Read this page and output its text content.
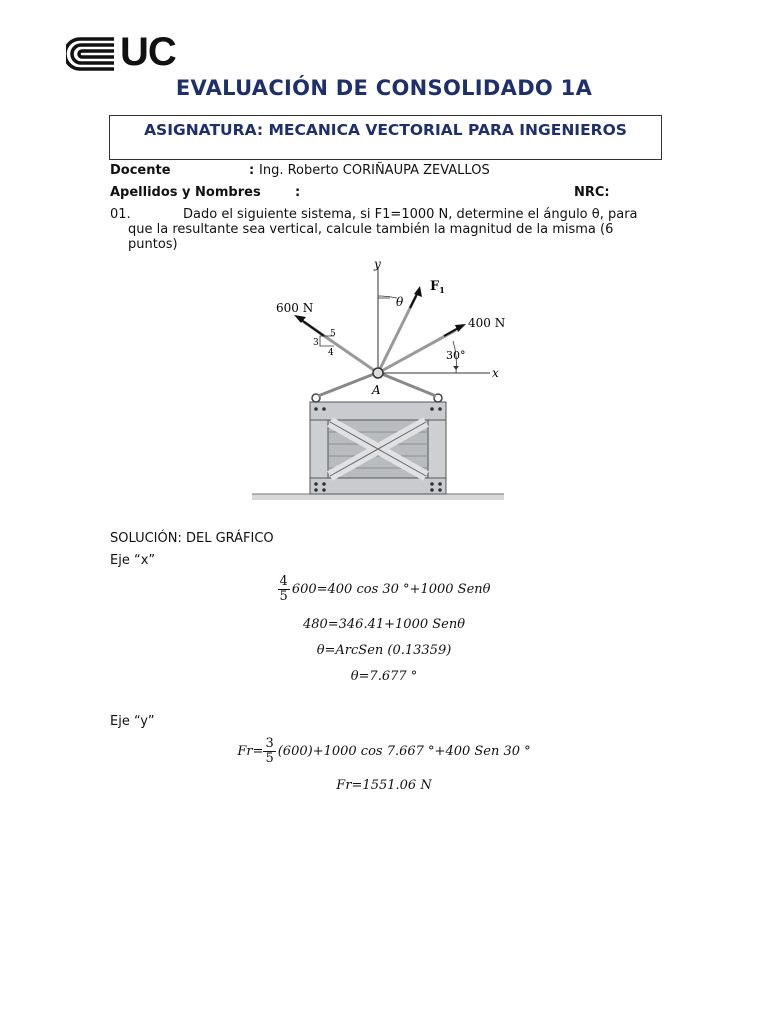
UC
EVALUACIÓN DE CONSOLIDADO 1A
ASIGNATURA: MECANICA VECTORIAL PARA INGENIEROS
Docente	: Ing. Roberto CORIÑAUPA ZEVALLOS
Apellidos y Nombres	:	NRC:
01.	Dado el siguiente sistema, si F1=1000 N, determine el ángulo θ, para que la resultante sea vertical, calcule también la magnitud de la misma (6 puntos)
y
x
600 N
$F_1$
400 N
θ
30°
3
4
5
A
SOLUCIÓN: DEL GRÁFICO
Eje “x”
$\frac{4}{5} 600=400$ cos 30 °+1000 Senθ
480=346.41+1000 Senθ
θ=ArcSen (0.13359)
θ=7.677 °
Eje “y”
$Fr= \frac{3}{5} (600)+1000$ cos 7.667 °+400 Sen 30 °
Fr=1551.06 N
